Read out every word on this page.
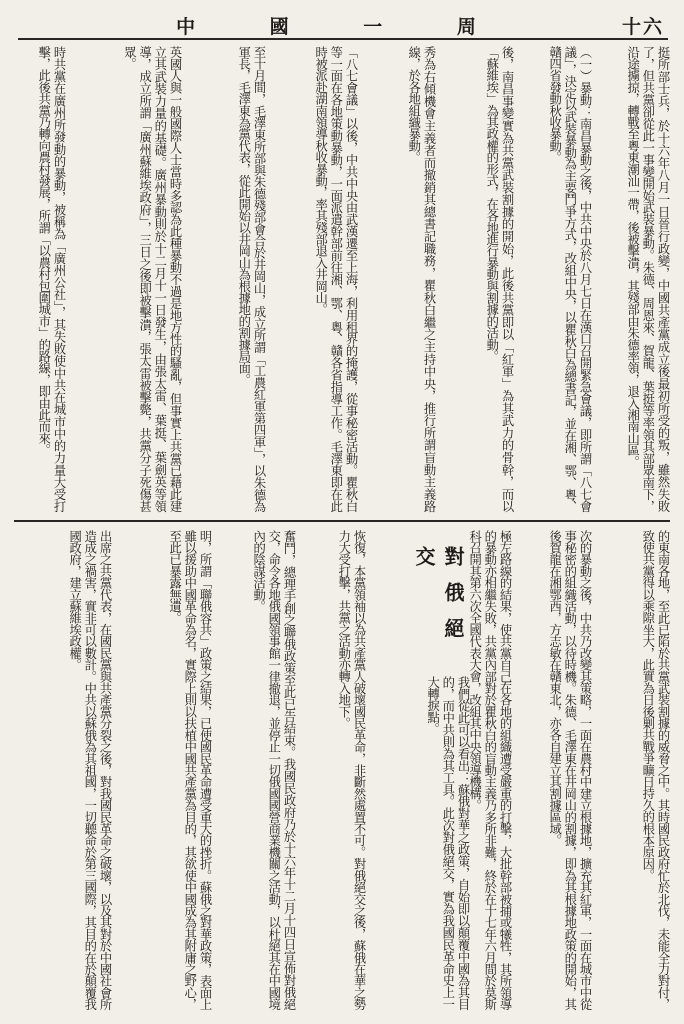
中 國 一 周	十六
挺所部士兵，於十六年八月一日晉行政變，中國共產黨成立後最初所受的叛，雖然失敗了，但共黨卻從此一事變開始武裝暴動。朱德、周恩來、賀龍、葉挺等率領其部眾南下，沿途擄掠，轉戰至粵東潮汕一帶，後被擊潰，其殘部由朱德率領，退入湘南山區。
（一）暴動：南昌暴動之後，中共中央於八月七日在漢口召開緊急會議，即所謂「八七會議」，決定以武裝暴動為主要鬥爭方式，改組中央，以瞿秋白為總書記，並在湘、鄂、粵、贛四省發動秋收暴動。
後，南昌事變實為共黨武裝割據的開始，此後共黨即以「紅軍」為其武力的骨幹，而以「蘇維埃」為其政權的形式，在各地進行暴動與割據的活動。
秀為右傾機會主義者而撤銷其總書記職務，瞿秋白繼之主持中央，推行所謂盲動主義路線，於各地組織暴動。
「八七會議」以後，中共中央由武漢遷至上海，利用租界的掩護，從事秘密活動。瞿秋白等一面在各地策動暴動，一面派遣幹部前往湘、鄂、粵、贛各省指導工作。毛澤東即在此時被派赴湖南領導秋收暴動，率其殘部退入井岡山。
至十月間，毛澤東所部與朱德殘部會合於井岡山，成立所謂「工農紅軍第四軍」，以朱德為軍長，毛澤東為黨代表，從此開始以井岡山為根據地的割據局面。
英國人與一般國際人士當時多認為此種暴動不過是地方性的騷亂，但事實上共黨已藉此建立其武裝力量的基礎。廣州暴動則於十二月十一日發生，由張太雷、葉挺、葉劍英等領導，成立所謂「廣州蘇維埃政府」，三日之後即被擊潰，張太雷被擊斃，共黨分子死傷甚眾。
時共黨在廣州所發動的暴動，被稱為「廣州公社」，其失敗使中共在城市中的力量大受打擊，此後共黨乃轉向農村發展，所謂「以農村包圍城市」的路線，即由此而來。
對俄絕交	的東南各地，至此已陷於共黨武裝割據的威脅之中。其時國民政府忙於北伐，未能全力對付，致使共黨得以乘隙坐大，此實為日後剿共戰爭曠日持久的根本原因。
次的暴動之後，中共乃改變其策略，一面在農村中建立根據地，擴充其紅軍，一面在城市中從事秘密的組織活動，以待時機。朱德、毛澤東在井岡山的割據，即為其根據地政策的開始，其後賀龍在湘鄂西，方志敏在贛東北，亦各自建立其割據區域。
極左路線的結果，使共黨自己在各地的組織遭受嚴重的打擊，大批幹部被捕或犧牲，其所領導的暴動亦相繼失敗，共黨內部對於瞿秋白的盲動主義乃多所非難，終於在十七年六月間於莫斯科召開其第六次全國代表大會，改組其中央領導機構。
我們從此可以看出：蘇俄對華之政策，自始即以顛覆中國為其目的，而中共則為其工具。此次對俄絕交，實為我國民革命史上一大轉捩點。
恢復，本黨領袖以為共產黨人破壞國民革命，非斷然處置不可。對俄絕交之後，蘇俄在華之勢力大受打擊，共黨之活動亦轉入地下。
奮鬥，總理手創之聯俄政策至此已告結束。我國民政府乃於十六年十二月十四日宣佈對俄絕交，命令各地俄國領事館一律撤退，並停止一切俄國國營商業機關之活動，以杜絕其在中國境內的陰謀活動。
明，所謂「聯俄容共」政策之結果，已使國民革命遭受重大的挫折。蘇俄之對華政策，表面上雖以援助中國革命為名，實際上則以扶植中國共產黨為目的，其欲使中國成為其附庸之野心，至此已暴露無遺。
出席之共黨代表，在國民黨與共產黨分裂之後，對我國民革命之破壞，以及其對於中國社會所造成之禍害，實非可以數計。中共以蘇俄為其祖國，一切聽命於第三國際，其目的在於顛覆我國政府，建立蘇維埃政權。
